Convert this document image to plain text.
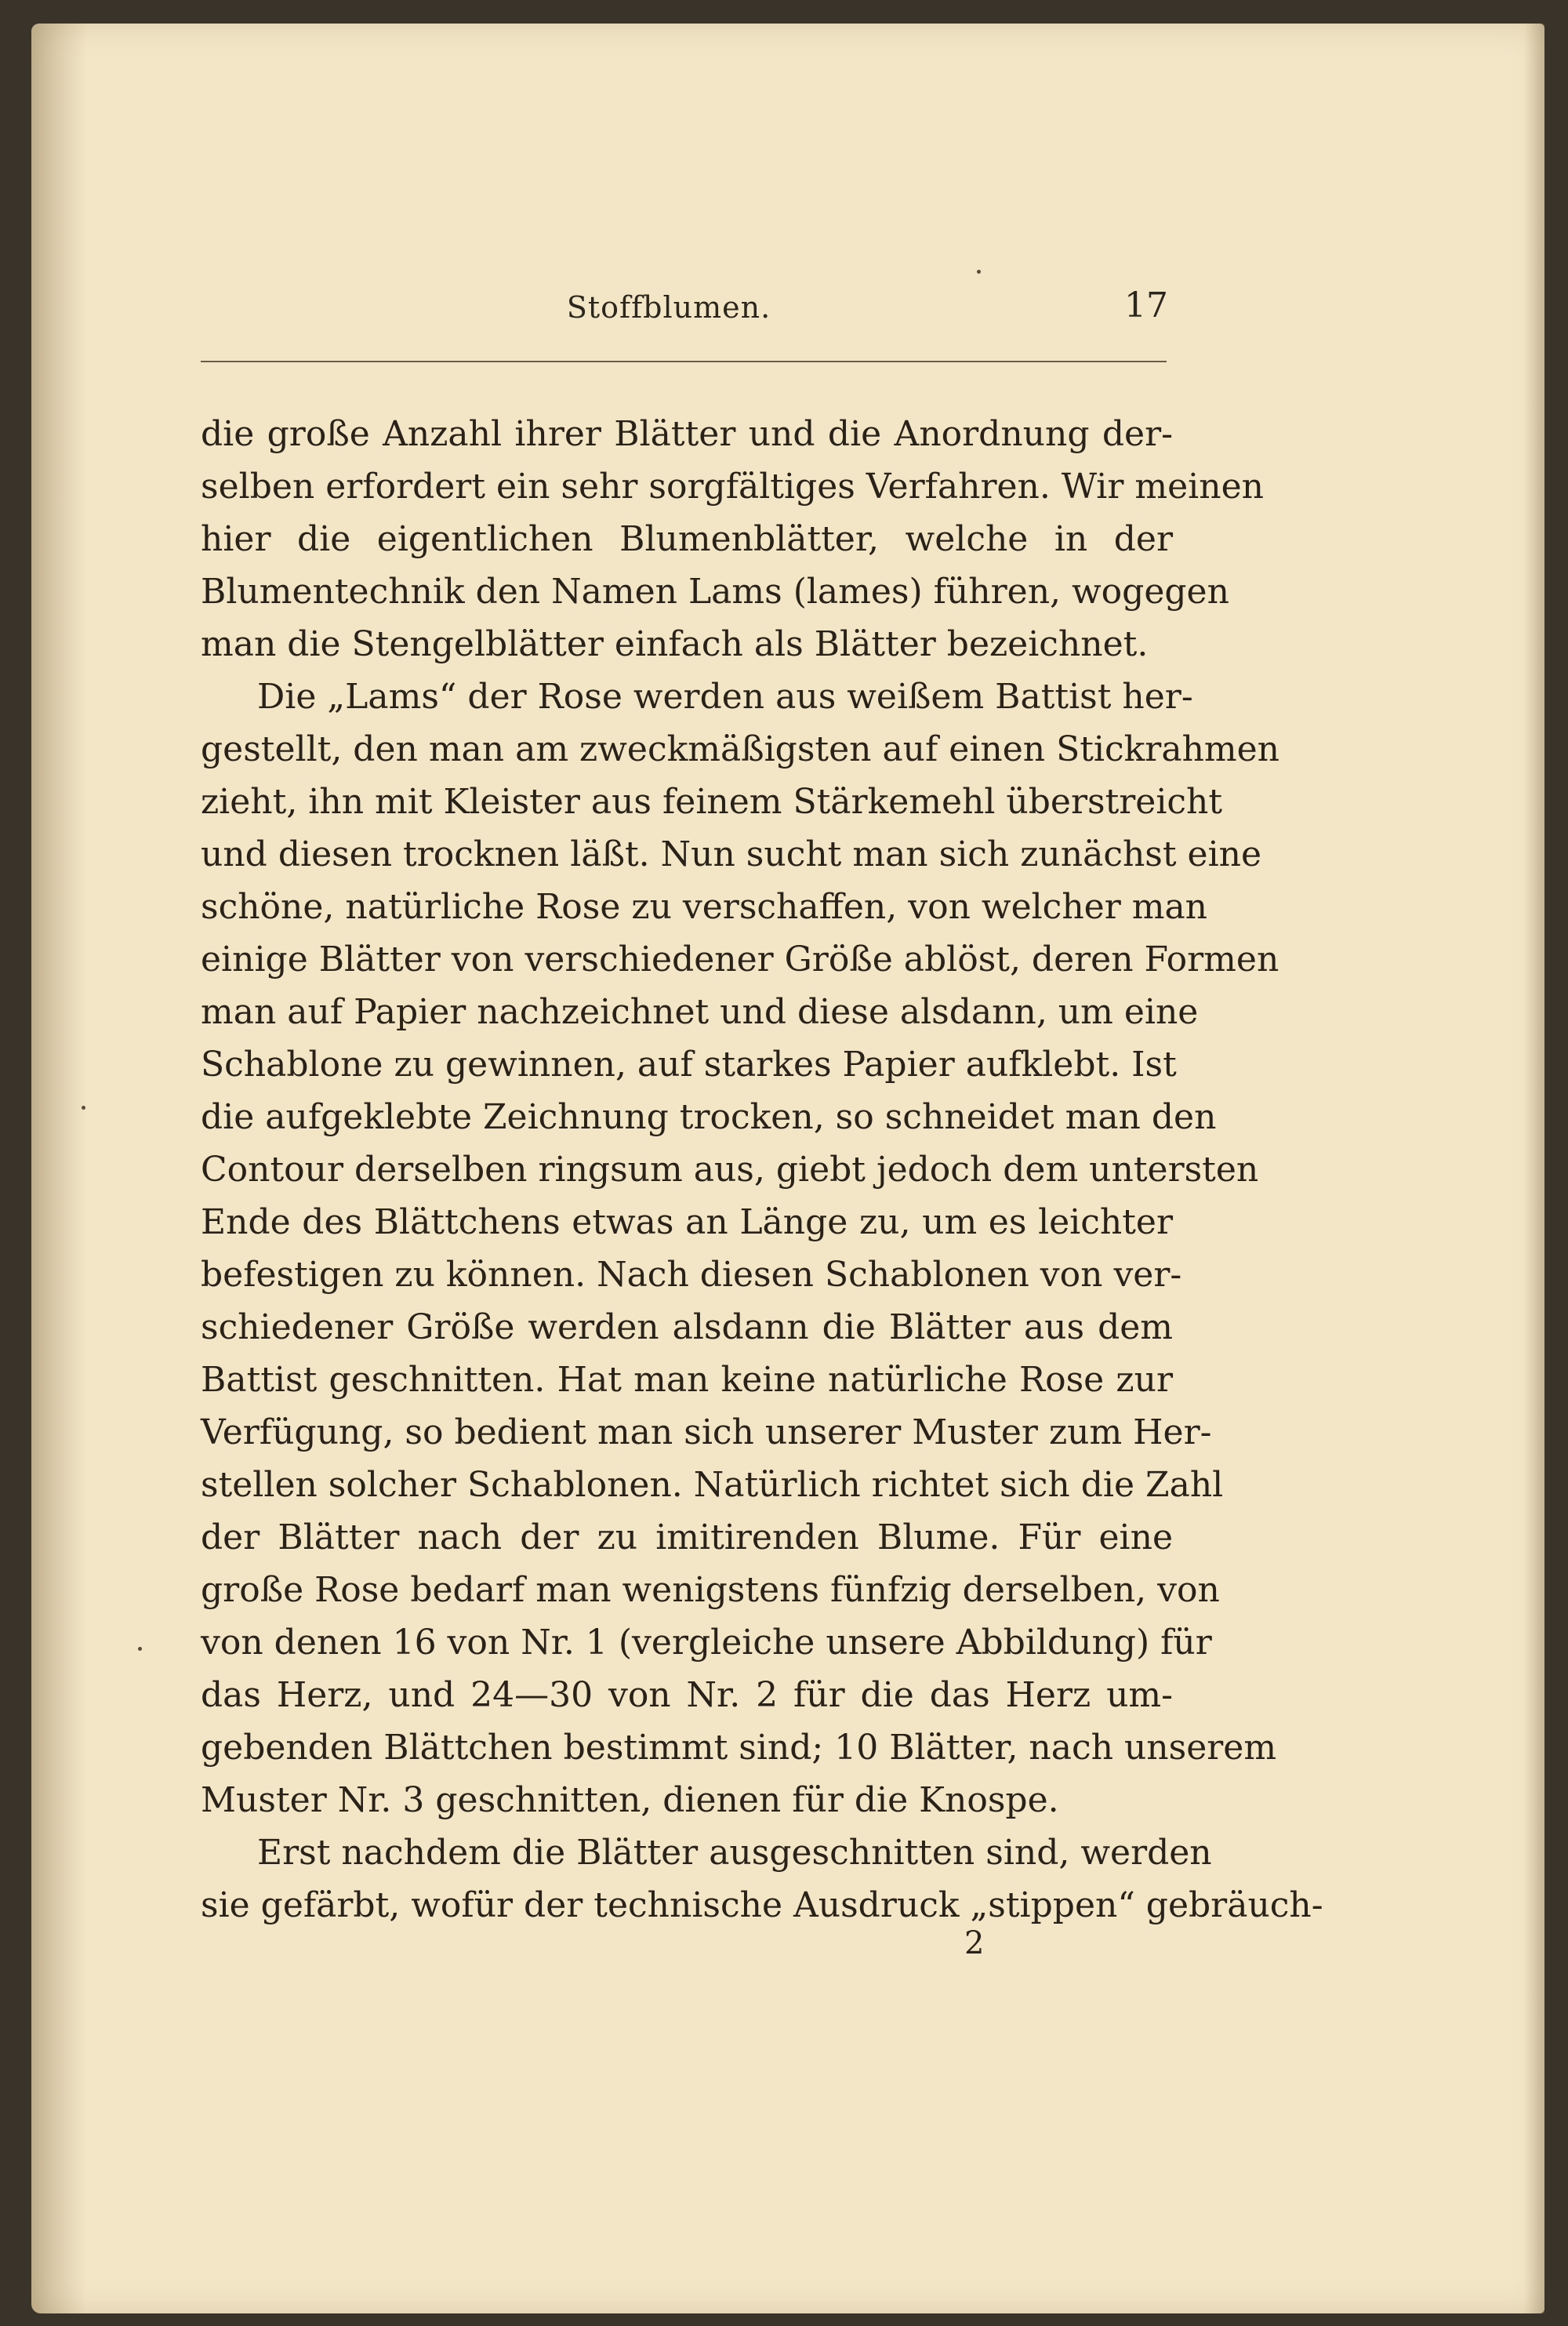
Stoffblumen.	17
die große Anzahl ihrer Blätter und die Anordnung der-
selben erfordert ein sehr sorgfältiges Verfahren. Wir meinen
hier die eigentlichen Blumenblätter, welche in der
Blumentechnik den Namen Lams (lames) führen, wogegen
man die Stengelblätter einfach als Blätter bezeichnet.
Die „Lams“ der Rose werden aus weißem Battist her-
gestellt, den man am zweckmäßigsten auf einen Stickrahmen
zieht, ihn mit Kleister aus feinem Stärkemehl überstreicht
und diesen trocknen läßt. Nun sucht man sich zunächst eine
schöne, natürliche Rose zu verschaffen, von welcher man
einige Blätter von verschiedener Größe ablöst, deren Formen
man auf Papier nachzeichnet und diese alsdann, um eine
Schablone zu gewinnen, auf starkes Papier aufklebt. Ist
die aufgeklebte Zeichnung trocken, so schneidet man den
Contour derselben ringsum aus, giebt jedoch dem untersten
Ende des Blättchens etwas an Länge zu, um es leichter
befestigen zu können. Nach diesen Schablonen von ver-
schiedener Größe werden alsdann die Blätter aus dem
Battist geschnitten. Hat man keine natürliche Rose zur
Verfügung, so bedient man sich unserer Muster zum Her-
stellen solcher Schablonen. Natürlich richtet sich die Zahl
der Blätter nach der zu imitirenden Blume. Für eine
große Rose bedarf man wenigstens fünfzig derselben, von
von denen 16 von Nr. 1 (vergleiche unsere Abbildung) für
das Herz, und 24—30 von Nr. 2 für die das Herz um-
gebenden Blättchen bestimmt sind; 10 Blätter, nach unserem
Muster Nr. 3 geschnitten, dienen für die Knospe.
Erst nachdem die Blätter ausgeschnitten sind, werden
sie gefärbt, wofür der technische Ausdruck „stippen“ gebräuch-
2
